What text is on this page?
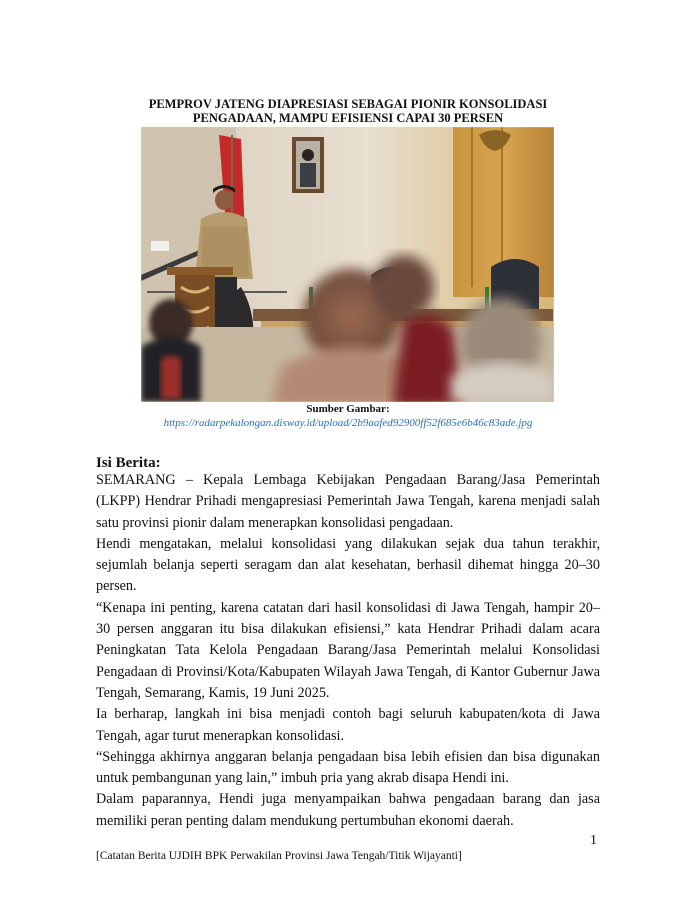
PEMPROV JATENG DIAPRESIASI SEBAGAI PIONIR KONSOLIDASI
PENGADAAN, MAMPU EFISIENSI CAPAI 30 PERSEN
Sumber Gambar:
https://radarpekalongan.disway.id/upload/2b9aafed92900ff52f685e6b46c83ade.jpg
Isi Berita:

SEMARANG – Kepala Lembaga Kebijakan Pengadaan Barang/Jasa Pemerintah (LKPP) Hendrar Prihadi mengapresiasi Pemerintah Jawa Tengah, karena menjadi salah satu provinsi pionir dalam menerapkan konsolidasi pengadaan.

Hendi mengatakan, melalui konsolidasi yang dilakukan sejak dua tahun terakhir, sejumlah belanja seperti seragam dan alat kesehatan, berhasil dihemat hingga 20–30 persen.

“Kenapa ini penting, karena catatan dari hasil konsolidasi di Jawa Tengah, hampir 20–30 persen anggaran itu bisa dilakukan efisiensi,” kata Hendrar Prihadi dalam acara Peningkatan Tata Kelola Pengadaan Barang/Jasa Pemerintah melalui Konsolidasi Pengadaan di Provinsi/Kota/Kabupaten Wilayah Jawa Tengah, di Kantor Gubernur Jawa Tengah, Semarang, Kamis, 19 Juni 2025.

Ia berharap, langkah ini bisa menjadi contoh bagi seluruh kabupaten/kota di Jawa Tengah, agar turut menerapkan konsolidasi.

“Sehingga akhirnya anggaran belanja pengadaan bisa lebih efisien dan bisa digunakan untuk pembangunan yang lain,” imbuh pria yang akrab disapa Hendi ini.

Dalam paparannya, Hendi juga menyampaikan bahwa pengadaan barang dan jasa memiliki peran penting dalam mendukung pertumbuhan ekonomi daerah.

1
[Catatan Berita UJDIH BPK Perwakilan Provinsi Jawa Tengah/Titik Wijayanti]
